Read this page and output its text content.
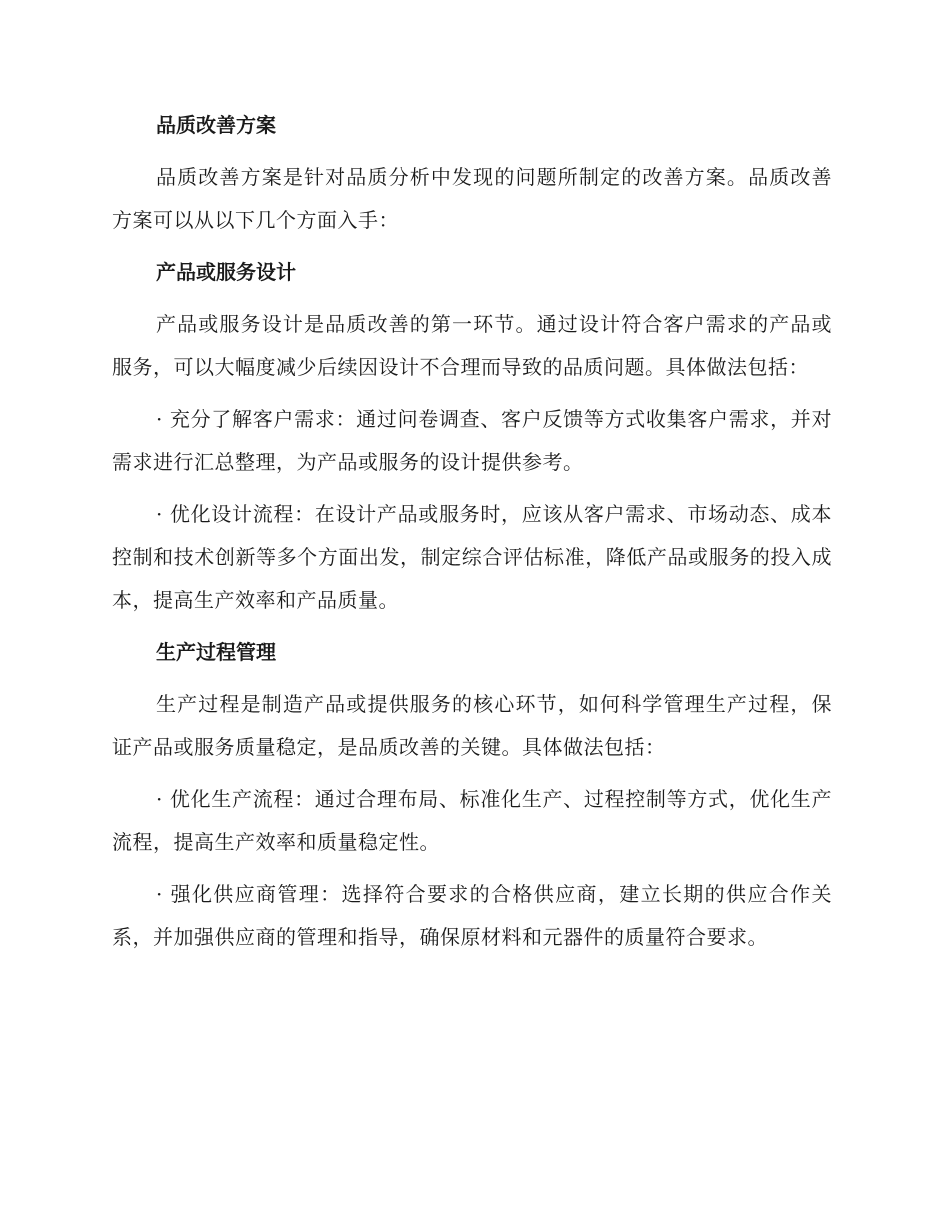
品质改善方案

品质改善方案是针对品质分析中发现的问题所制定的改善方案。品质改善方案可以从以下几个方面入手：

产品或服务设计

产品或服务设计是品质改善的第一环节。通过设计符合客户需求的产品或服务，可以大幅度减少后续因设计不合理而导致的品质问题。具体做法包括：

· 充分了解客户需求：通过问卷调查、客户反馈等方式收集客户需求，并对需求进行汇总整理，为产品或服务的设计提供参考。

· 优化设计流程：在设计产品或服务时，应该从客户需求、市场动态、成本控制和技术创新等多个方面出发，制定综合评估标准，降低产品或服务的投入成本，提高生产效率和产品质量。

生产过程管理

生产过程是制造产品或提供服务的核心环节，如何科学管理生产过程，保证产品或服务质量稳定，是品质改善的关键。具体做法包括：

· 优化生产流程：通过合理布局、标准化生产、过程控制等方式，优化生产流程，提高生产效率和质量稳定性。

· 强化供应商管理：选择符合要求的合格供应商，建立长期的供应合作关系，并加强供应商的管理和指导，确保原材料和元器件的质量符合要求。
